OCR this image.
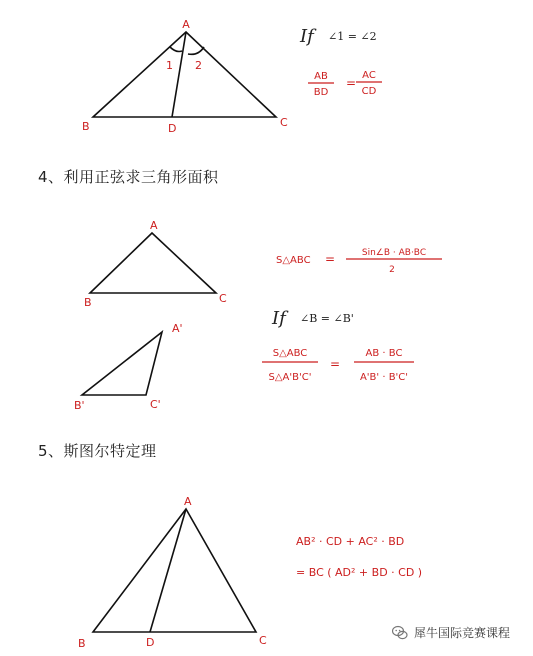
A
B	D	C
1 2
If	∠1 = ∠2
AB
BD
=
AC
CD
A
B	C
A'
B'	C'
S△ABC =	Sin∠B · AB·BC
2
If	∠B = ∠B'
S△ABC
S△A'B'C'
=
AB · BC
A'B' · B'C'
A
B	D	C
AB² · CD + AC² · BD
= BC ( AD² + BD · CD )
4、利用正弦求三角形面积
5、斯图尔特定理
犀牛国际竞赛课程
